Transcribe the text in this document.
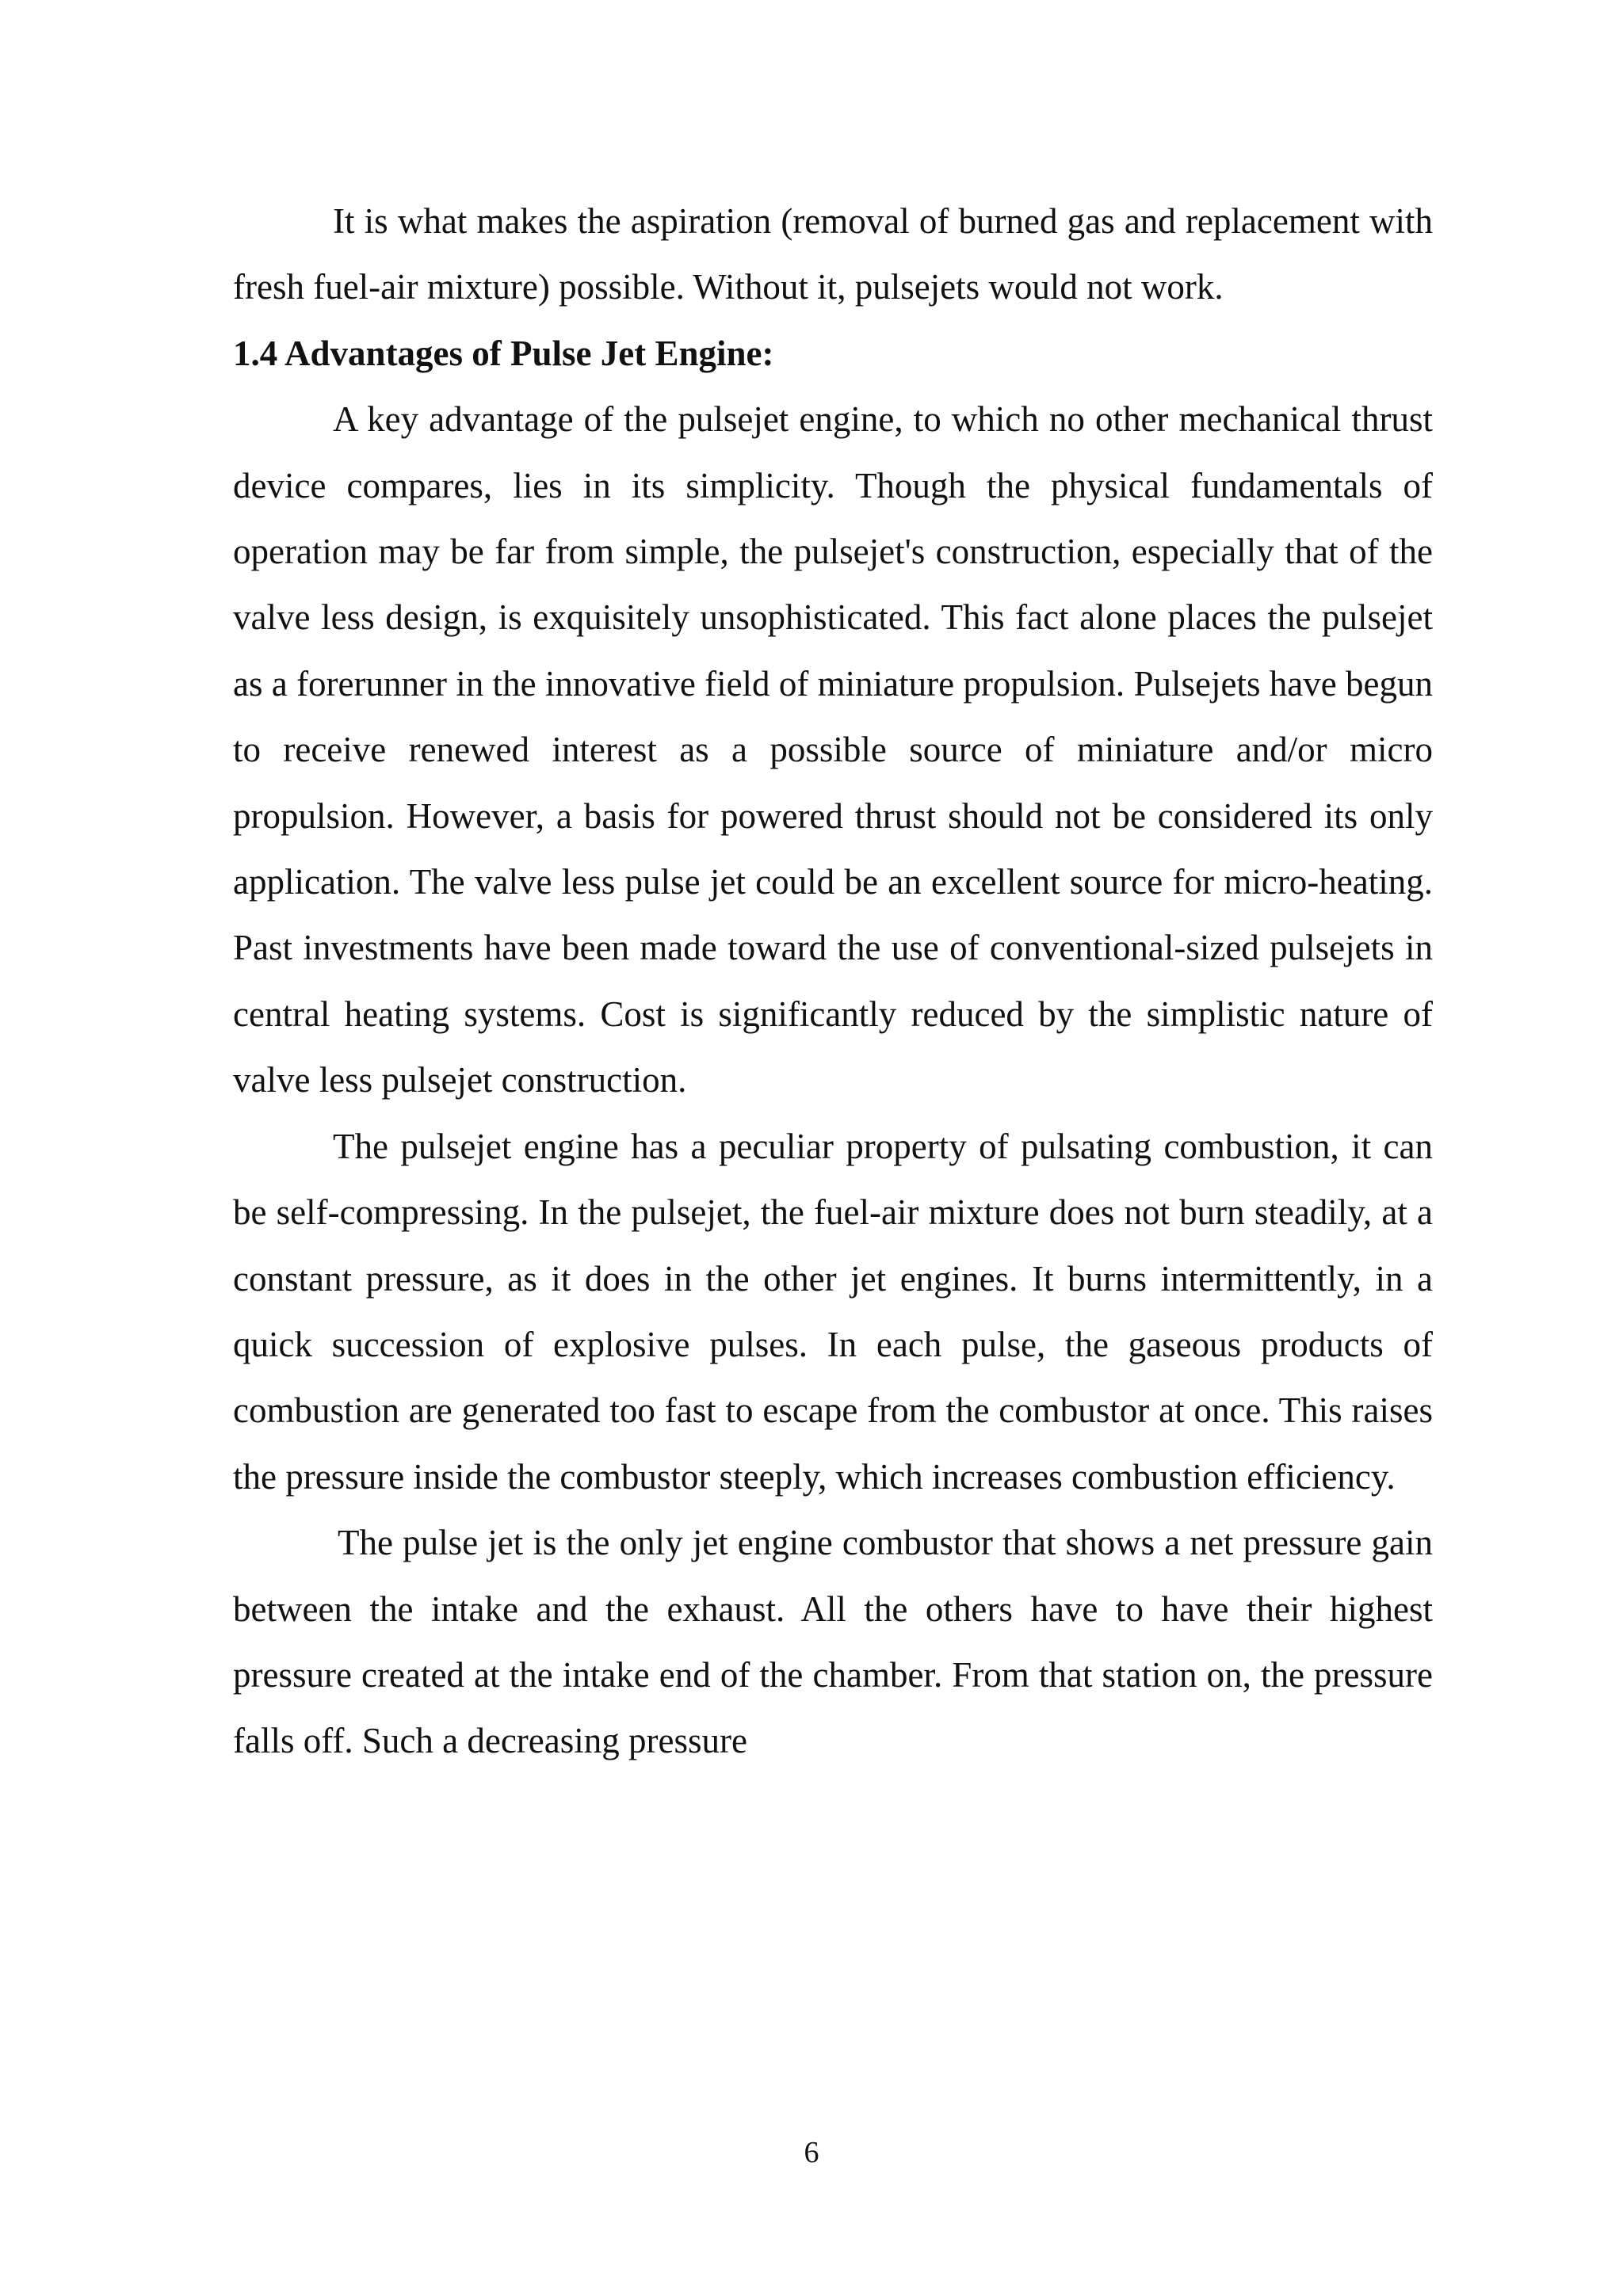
It is what makes the aspiration (removal of burned gas and replacement with fresh fuel-air mixture) possible. Without it, pulsejets would not work.

1.4 Advantages of Pulse Jet Engine:

A key advantage of the pulsejet engine, to which no other mechanical thrust device compares, lies in its simplicity. Though the physical fundamentals of operation may be far from simple, the pulsejet's construction, especially that of the valve less design, is exquisitely unsophisticated. This fact alone places the pulsejet as a forerunner in the innovative field of miniature propulsion. Pulsejets have begun to receive renewed interest as a possible source of miniature and/or micro propulsion. However, a basis for powered thrust should not be considered its only application. The valve less pulse jet could be an excellent source for micro-heating. Past investments have been made toward the use of conventional-sized pulsejets in central heating systems. Cost is significantly reduced by the simplistic nature of valve less pulsejet construction.

The pulsejet engine has a peculiar property of pulsating combustion, it can be self-compressing. In the pulsejet, the fuel-air mixture does not burn steadily, at a constant pressure, as it does in the other jet engines. It burns intermittently, in a quick succession of explosive pulses. In each pulse, the gaseous products of combustion are generated too fast to escape from the combustor at once. This raises the pressure inside the combustor steeply, which increases combustion efficiency.

The pulse jet is the only jet engine combustor that shows a net pressure gain between the intake and the exhaust. All the others have to have their highest pressure created at the intake end of the chamber. From that station on, the pressure falls off. Such a decreasing pressure

6
